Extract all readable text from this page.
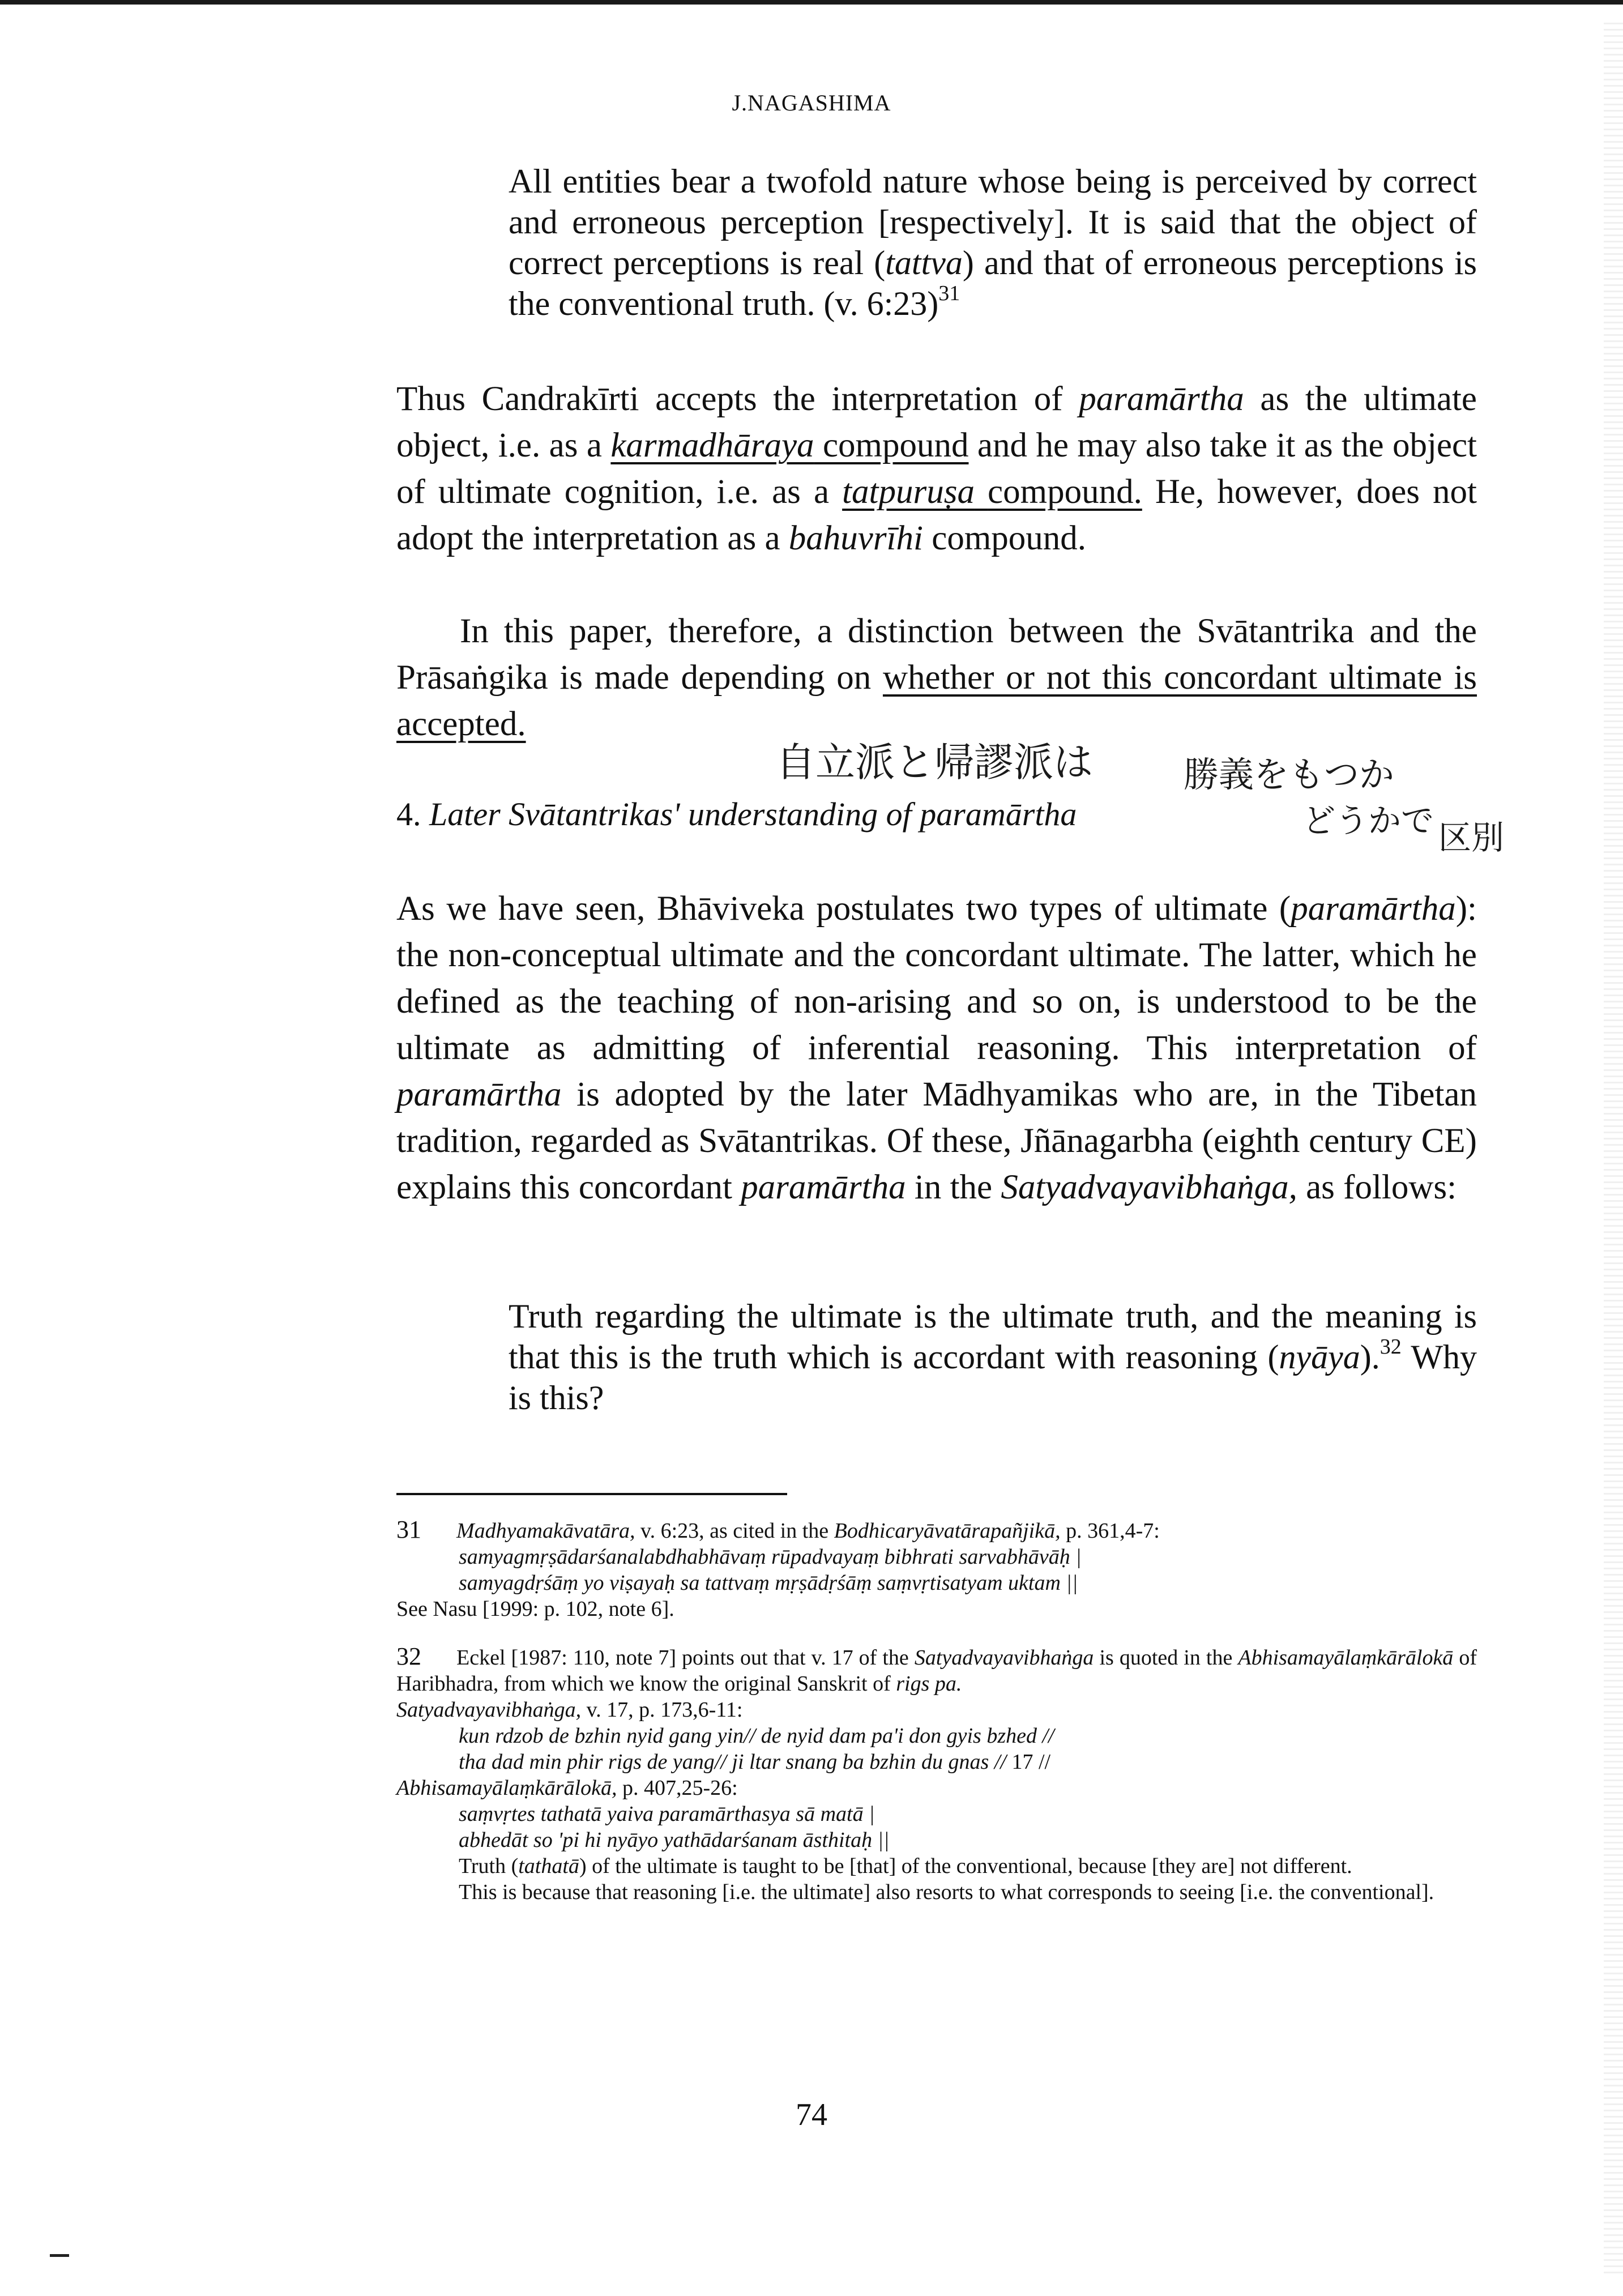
J.NAGASHIMA

All entities bear a twofold nature whose being is perceived by correct and erroneous perception [respectively]. It is said that the object of correct perceptions is real (tattva) and that of erroneous perceptions is the conventional truth. (v. 6:23)$^{31}$

Thus Candrakīrti accepts the interpretation of paramārtha as the ultimate object, i.e. as a karmadhāraya compound and he may also take it as the object of ultimate cognition, i.e. as a tatpuruṣa compound. He, however, does not adopt the interpretation as a bahuvrīhi compound.

In this paper, therefore, a distinction between the Svātantrika and the Prāsaṅgika is made depending on whether or not this concordant ultimate is accepted.

自立派と帰謬派は	勝義をもつか
どうかで 区別

4. Later Svātantrikas' understanding of paramārtha

As we have seen, Bhāviveka postulates two types of ultimate (paramārtha): the non-conceptual ultimate and the concordant ultimate. The latter, which he defined as the teaching of non-arising and so on, is understood to be the ultimate as admitting of inferential reasoning. This interpretation of paramārtha is adopted by the later Mādhyamikas who are, in the Tibetan tradition, regarded as Svātantrikas. Of these, Jñānagarbha (eighth century CE) explains this concordant paramārtha in the Satyadvayavibhaṅga, as follows:

Truth regarding the ultimate is the ultimate truth, and the meaning is that this is the truth which is accordant with reasoning (nyāya).$^{32}$ Why is this?

31 Madhyamakāvatāra, v. 6:23, as cited in the Bodhicaryāvatārapañjikā, p. 361,4-7:

samyagmṛṣādarśanalabdhabhāvaṃ rūpadvayaṃ bibhrati sarvabhāvāḥ |

samyagdṛśāṃ yo viṣayaḥ sa tattvaṃ mṛṣādṛśāṃ saṃvṛtisatyam uktam ||

See Nasu [1999: p. 102, note 6].

32 Eckel [1987: 110, note 7] points out that v. 17 of the Satyadvayavibhaṅga is quoted in the Abhisamayālaṃkārālokā of Haribhadra, from which we know the original Sanskrit of rigs pa.

Satyadvayavibhaṅga, v. 17, p. 173,6-11:

kun rdzob de bzhin nyid gang yin// de nyid dam pa'i don gyis bzhed //

tha dad min phir rigs de yang// ji ltar snang ba bzhin du gnas // 17 //

Abhisamayālaṃkārālokā, p. 407,25-26:

saṃvṛtes tathatā yaiva paramārthasya sā matā |

abhedāt so 'pi hi nyāyo yathādarśanam āsthitaḥ ||

Truth (tathatā) of the ultimate is taught to be [that] of the conventional, because [they are] not different.

This is because that reasoning [i.e. the ultimate] also resorts to what corresponds to seeing [i.e. the conventional].

74
